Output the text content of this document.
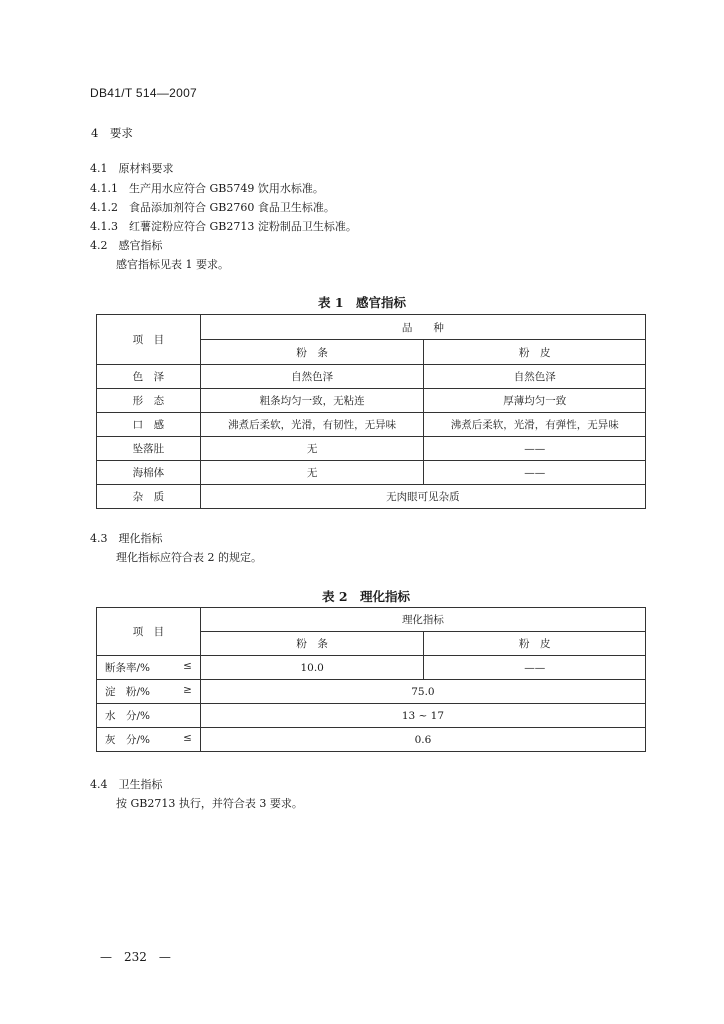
DB41/T 514—2007
4　要求
4.1　原材料要求
4.1.1　生产用水应符合 GB5749 饮用水标准。
4.1.2　食品添加剂符合 GB2760 食品卫生标准。
4.1.3　红薯淀粉应符合 GB2713 淀粉制品卫生标准。
4.2　感官指标
感官指标见表 1 要求。
表 1　感官指标
项　目	品　　种	
	粉　条	粉　皮
色　泽	自然色泽	自然色泽
形　态	粗条均匀一致，无粘连	厚薄均匀一致
口　感	沸煮后柔软，光滑，有韧性，无异味	沸煮后柔软，光滑，有弹性，无异味
坠落肚	无	——
海棉体	无	——
杂　质	无肉眼可见杂质	
4.3　理化指标
理化指标应符合表 2 的规定。
表 2　理化指标
项　目	理化指标	
	粉　条	粉　皮

断条率/% ≤	10.0	——

淀　粉/% ≥	75.0	

水　分/%	13 ~ 17	

灰　分/% ≤	0.6	
4.4　卫生指标
按 GB2713 执行，并符合表 3 要求。
—　232　—
